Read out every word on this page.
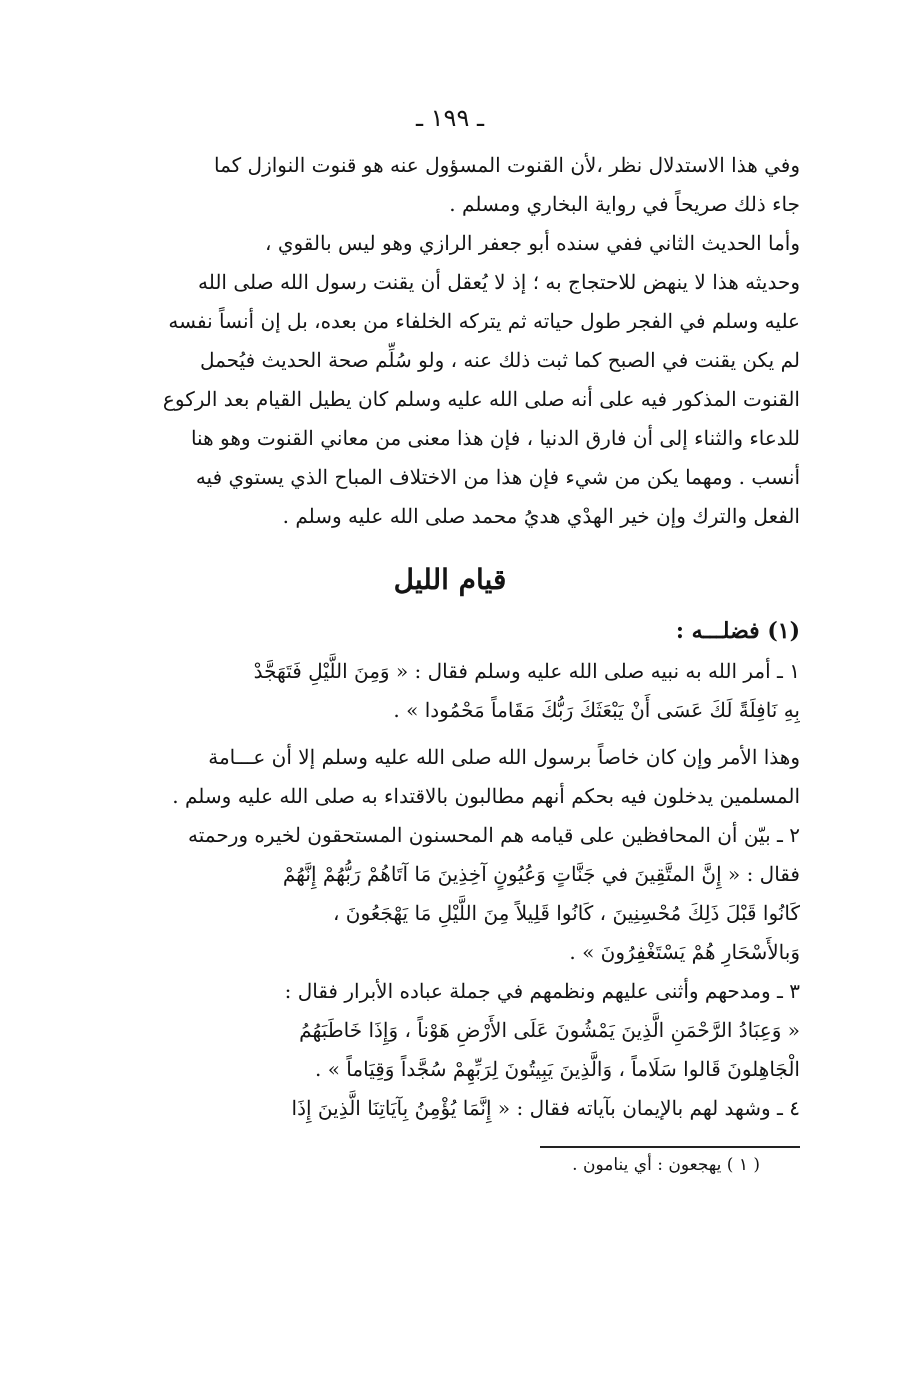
ـ ١٩٩ ـ
وفي هذا الاستدلال نظر ،لأن القنوت المسؤول عنه هو قنوت النوازل كما
جاء ذلك صريحاً في رواية البخاري ومسلم .
وأما الحديث الثاني ففي سنده أبو جعفر الرازي وهو ليس بالقوي ،
وحديثه هذا لا ينهض للاحتجاج به ؛ إذ لا يُعقل أن يقنت رسول الله صلى الله
عليه وسلم في الفجر طول حياته ثم يتركه الخلفاء من بعده، بل إن أنساً نفسه
لم يكن يقنت في الصبح كما ثبت ذلك عنه ، ولو سُلِّم صحة الحديث فيُحمل
القنوت المذكور فيه على أنه صلى الله عليه وسلم كان يطيل القيام بعد الركوع
للدعاء والثناء إلى أن فارق الدنيا ، فإن هذا معنى من معاني القنوت وهو هنا
أنسب . ومهما يكن من شيء فإن هذا من الاختلاف المباح الذي يستوي فيه
الفعل والترك وإن خير الهدْي هديُ محمد صلى الله عليه وسلم .
قيام الليل
(١) فضلـــه :
١ ـ أمر الله به نبيه صلى الله عليه وسلم فقال : « وَمِنَ اللَّيْلِ فَتَهَجَّدْ
بِهِ نَافِلَةً لَكَ عَسَى أَنْ يَبْعَثَكَ رَبُّكَ مَقَاماً مَحْمُودا » .
وهذا الأمر وإن كان خاصاً برسول الله صلى الله عليه وسلم إلا أن عـــامة
المسلمين يدخلون فيه بحكم أنهم مطالبون بالاقتداء به صلى الله عليه وسلم .
٢ ـ بيّن أن المحافظين على قيامه هم المحسنون المستحقون لخيره ورحمته
فقال : « إِنَّ المتَّقِينَ في جَنَّاتٍ وَعُيُونٍ آخِذِينَ مَا آتَاهُمْ رَبُّهُمْ إِنَّهُمْ
كَانُوا قَبْلَ ذَلِكَ مُحْسِنِينَ ، كَانُوا قَلِيلاً مِنَ اللَّيْلِ مَا يَهْجَعُونَ ،
وَبالأَسْحَارِ هُمْ يَسْتَغْفِرُونَ » .
٣ ـ ومدحهم وأثنى عليهم ونظمهم في جملة عباده الأبرار فقال :
« وَعِبَادُ الرَّحْمَنِ الَّذِينَ يَمْشُونَ عَلَى الأَرْضِ هَوْناً ، وَإِذَا خَاطَبَهُمُ
الْجَاهِلونَ قَالوا سَلَاماً ، وَالَّذِينَ يَبِيتُونَ لِرَبِّهِمْ سُجَّداً وَقِيَاماً » .
٤ ـ وشهد لهم بالإيمان بآياته فقال : « إِنَّمَا يُؤْمِنُ بِآيَاتِنَا الَّذِينَ إِذَا
( ١ ) يهجعون : أي ينامون .
